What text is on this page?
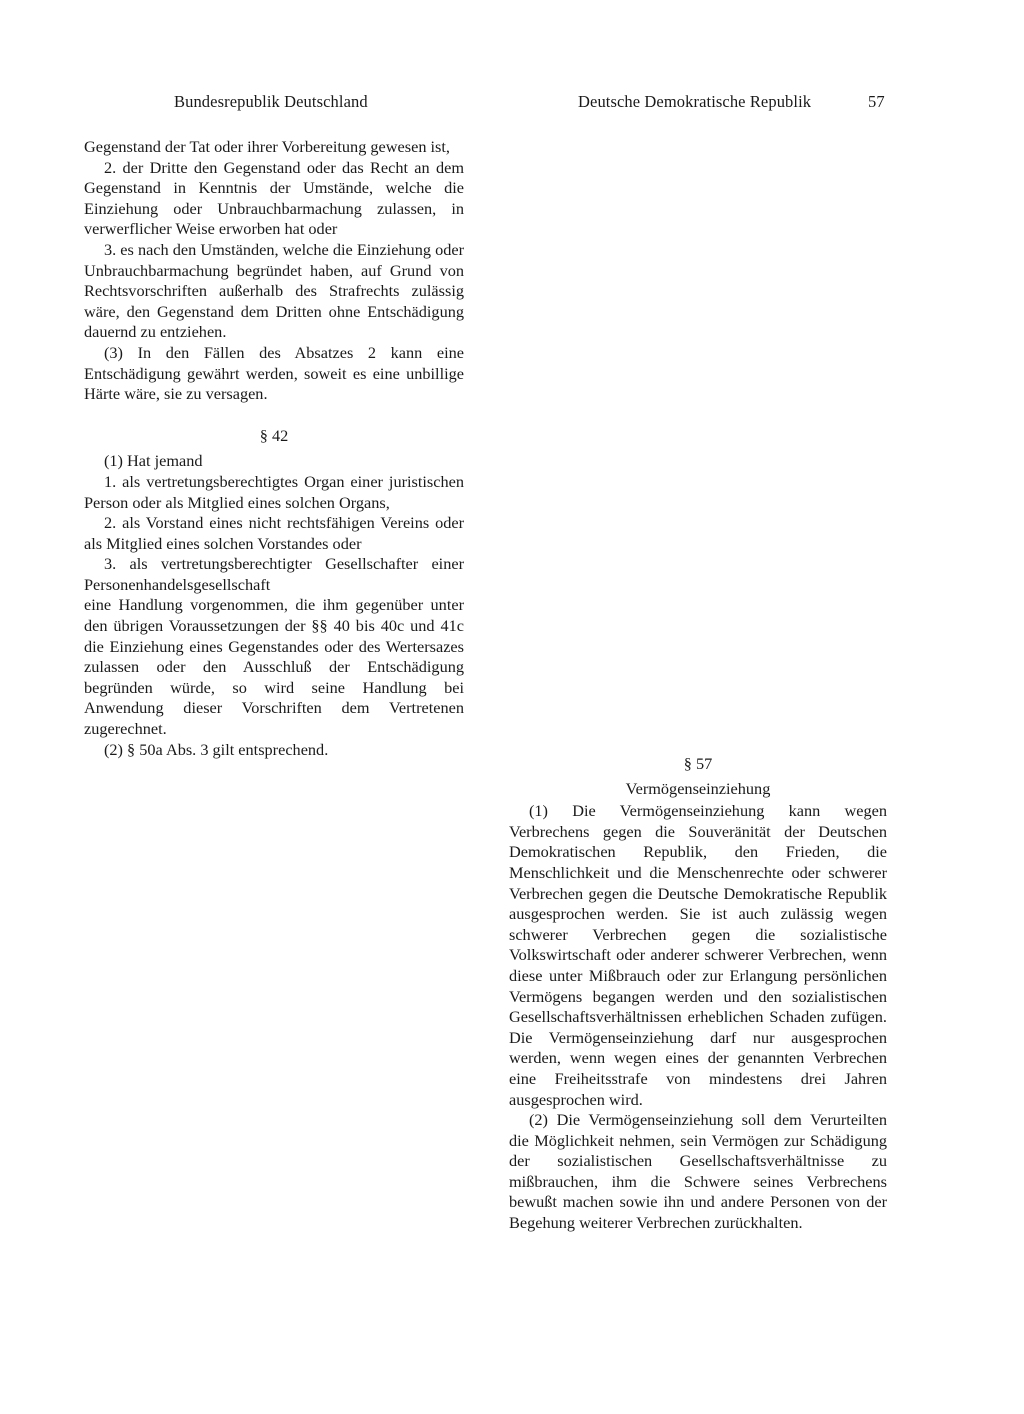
Bundesrepublik Deutschland	Deutsche Demokratische Republik	57

Gegenstand der Tat oder ihrer Vorbereitung gewesen ist,

2. der Dritte den Gegenstand oder das Recht an dem Gegenstand in Kenntnis der Umstände, welche die Einziehung oder Unbrauchbarmachung zulassen, in verwerflicher Weise erworben hat oder

3. es nach den Umständen, welche die Einziehung oder Unbrauchbarmachung begründet haben, auf Grund von Rechtsvorschriften außerhalb des Strafrechts zulässig wäre, den Gegenstand dem Dritten ohne Entschädigung dauernd zu entziehen.

(3) In den Fällen des Absatzes 2 kann eine Entschädigung gewährt werden, soweit es eine unbillige Härte wäre, sie zu versagen.

§ 42

(1) Hat jemand

1. als vertretungsberechtigtes Organ einer juristischen Person oder als Mitglied eines solchen Organs,

2. als Vorstand eines nicht rechtsfähigen Vereins oder als Mitglied eines solchen Vorstandes oder

3. als vertretungsberechtigter Gesellschafter einer Personenhandelsgesellschaft

eine Handlung vorgenommen, die ihm gegenüber unter den übrigen Voraussetzungen der §§ 40 bis 40c und 41c die Einziehung eines Gegenstandes oder des Wertersazes zulassen oder den Ausschluß der Entschädigung begründen würde, so wird seine Handlung bei Anwendung dieser Vorschriften dem Vertretenen zugerechnet.

(2) § 50a Abs. 3 gilt entsprechend.

§ 57

Vermögenseinziehung

(1) Die Vermögenseinziehung kann wegen Verbrechens gegen die Souveränität der Deutschen Demokratischen Republik, den Frieden, die Menschlichkeit und die Menschenrechte oder schwerer Verbrechen gegen die Deutsche Demokratische Republik ausgesprochen werden. Sie ist auch zulässig wegen schwerer Verbrechen gegen die sozialistische Volkswirtschaft oder anderer schwerer Verbrechen, wenn diese unter Mißbrauch oder zur Erlangung persönlichen Vermögens begangen werden und den sozialistischen Gesellschaftsverhältnissen erheblichen Schaden zufügen. Die Vermögenseinziehung darf nur ausgesprochen werden, wenn wegen eines der genannten Verbrechen eine Freiheitsstrafe von mindestens drei Jahren ausgesprochen wird.

(2) Die Vermögenseinziehung soll dem Verurteilten die Möglichkeit nehmen, sein Vermögen zur Schädigung der sozialistischen Gesellschaftsverhältnisse zu mißbrauchen, ihm die Schwere seines Verbrechens bewußt machen sowie ihn und andere Personen von der Begehung weiterer Verbrechen zurückhalten.
